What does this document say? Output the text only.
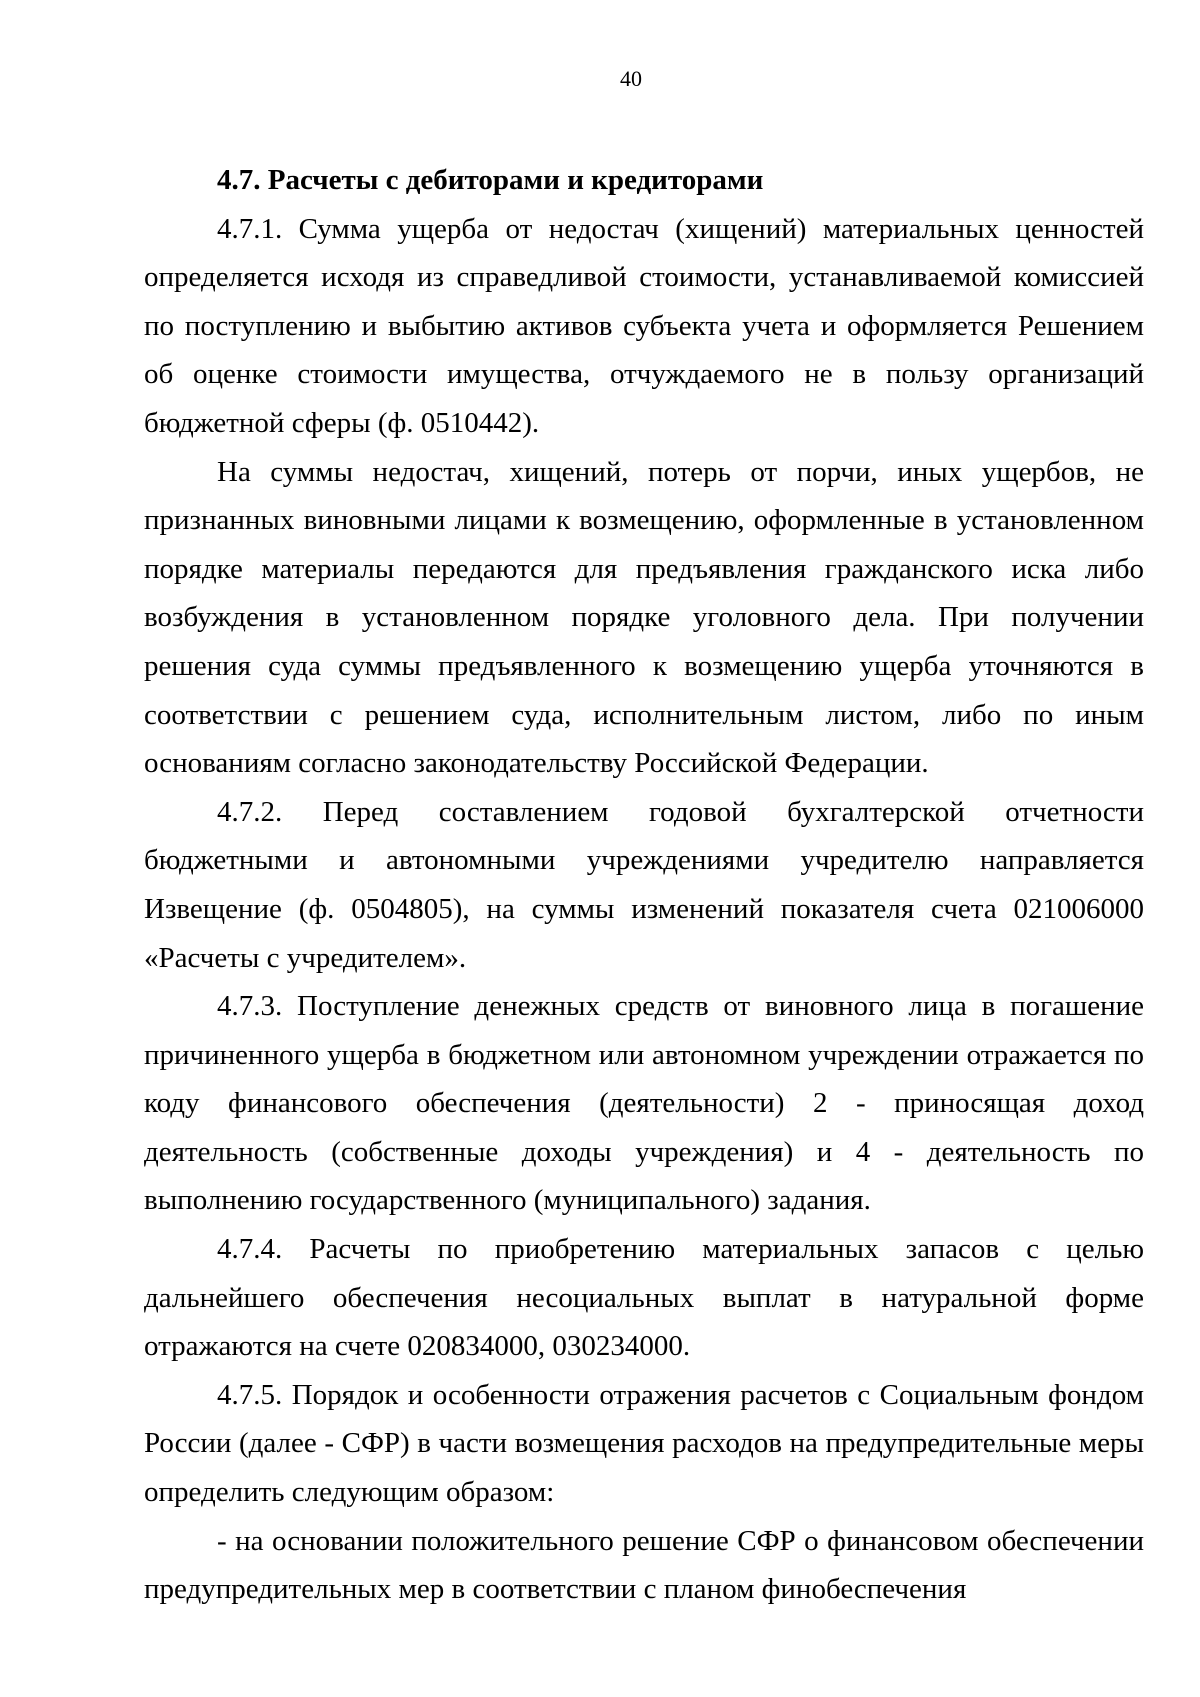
40

4.7. Расчеты с дебиторами и кредиторами

4.7.1. Сумма ущерба от недостач (хищений) материальных ценностей определяется исходя из справедливой стоимости, устанавливаемой комиссией по поступлению и выбытию активов субъекта учета и оформляется Решением об оценке стоимости имущества, отчуждаемого не в пользу организаций бюджетной сферы (ф. 0510442).

На суммы недостач, хищений, потерь от порчи, иных ущербов, не признанных виновными лицами к возмещению, оформленные в установленном порядке материалы передаются для предъявления гражданского иска либо возбуждения в установленном порядке уголовного дела. При получении решения суда суммы предъявленного к возмещению ущерба уточняются в соответствии с решением суда, исполнительным листом, либо по иным основаниям согласно законодательству Российской Федерации.

4.7.2. Перед составлением годовой бухгалтерской отчетности бюджетными и автономными учреждениями учредителю направляется Извещение (ф. 0504805), на суммы изменений показателя счета 021006000 «Расчеты с учредителем».

4.7.3. Поступление денежных средств от виновного лица в погашение причиненного ущерба в бюджетном или автономном учреждении отражается по коду финансового обеспечения (деятельности) 2 - приносящая доход деятельность (собственные доходы учреждения) и 4 - деятельность по выполнению государственного (муниципального) задания.

4.7.4. Расчеты по приобретению материальных запасов с целью дальнейшего обеспечения несоциальных выплат в натуральной форме отражаются на счете 020834000, 030234000.

4.7.5. Порядок и особенности отражения расчетов с Социальным фондом России (далее - СФР) в части возмещения расходов на предупредительные меры определить следующим образом:

- на основании положительного решение СФР о финансовом обеспечении предупредительных мер в соответствии с планом финобеспечения
